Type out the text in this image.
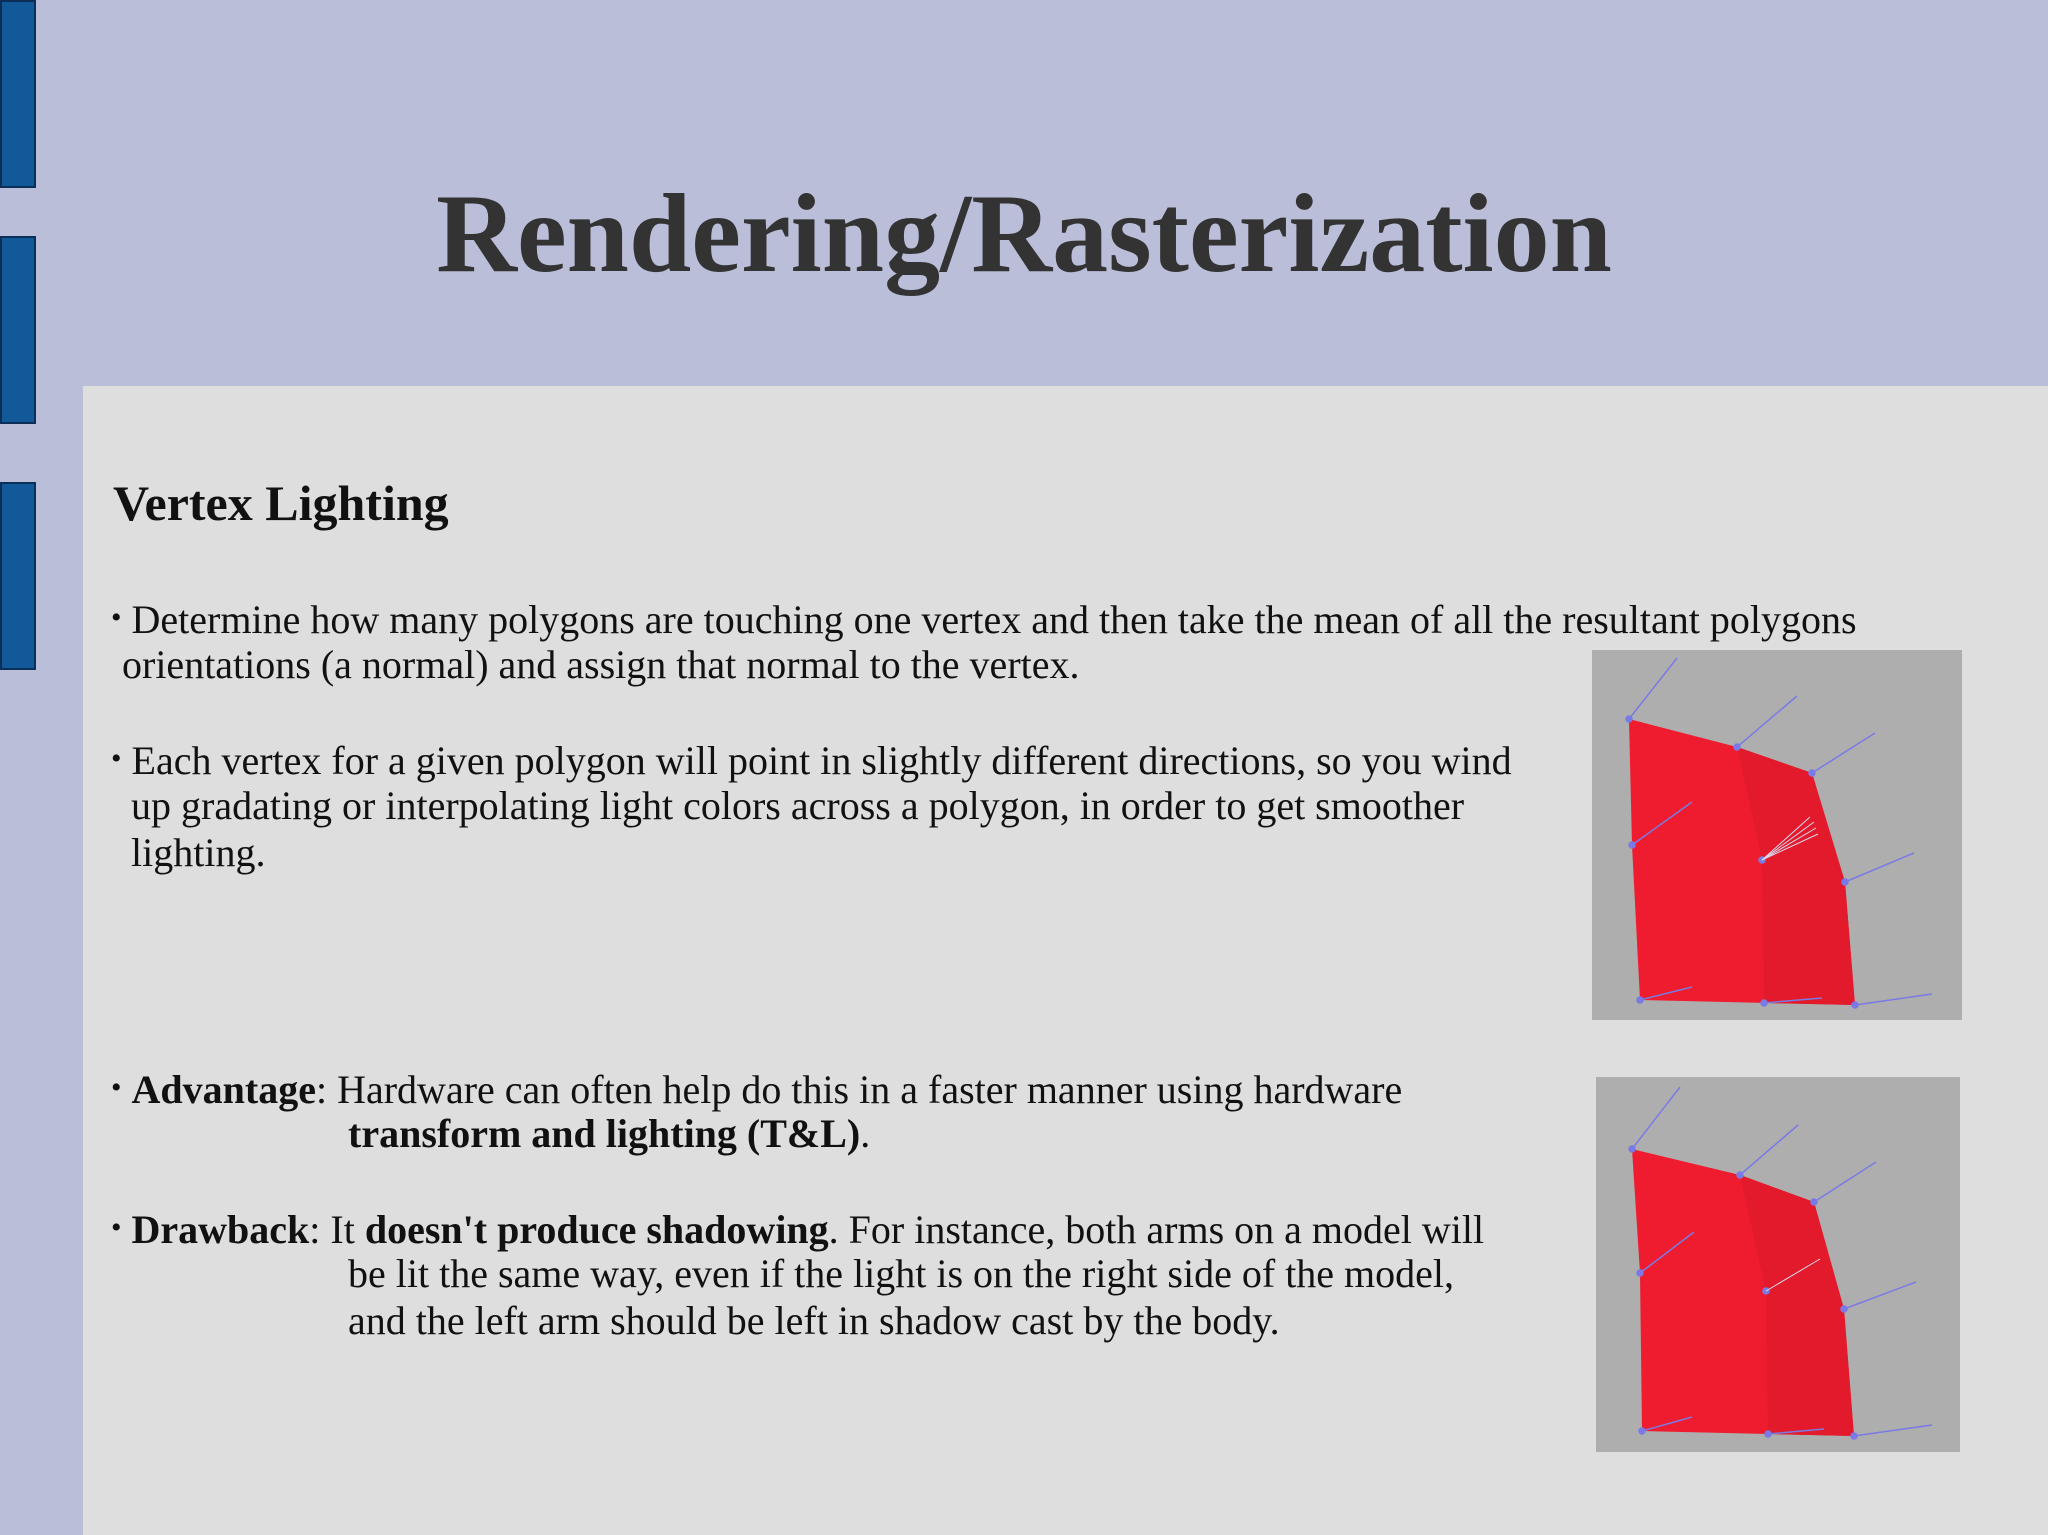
Rendering/Rasterization
Vertex Lighting

• Determine how many polygons are touching one vertex and then take the mean of all the resultant polygons

orientations (a normal) and assign that normal to the vertex.

• Each vertex for a given polygon will point in slightly different directions, so you wind

up gradating or interpolating light colors across a polygon, in order to get smoother

lighting.

• Advantage: Hardware can often help do this in a faster manner using hardware

transform and lighting (T&L).

• Drawback: It doesn't produce shadowing. For instance, both arms on a model will

be lit the same way, even if the light is on the right side of the model,

and the left arm should be left in shadow cast by the body.
